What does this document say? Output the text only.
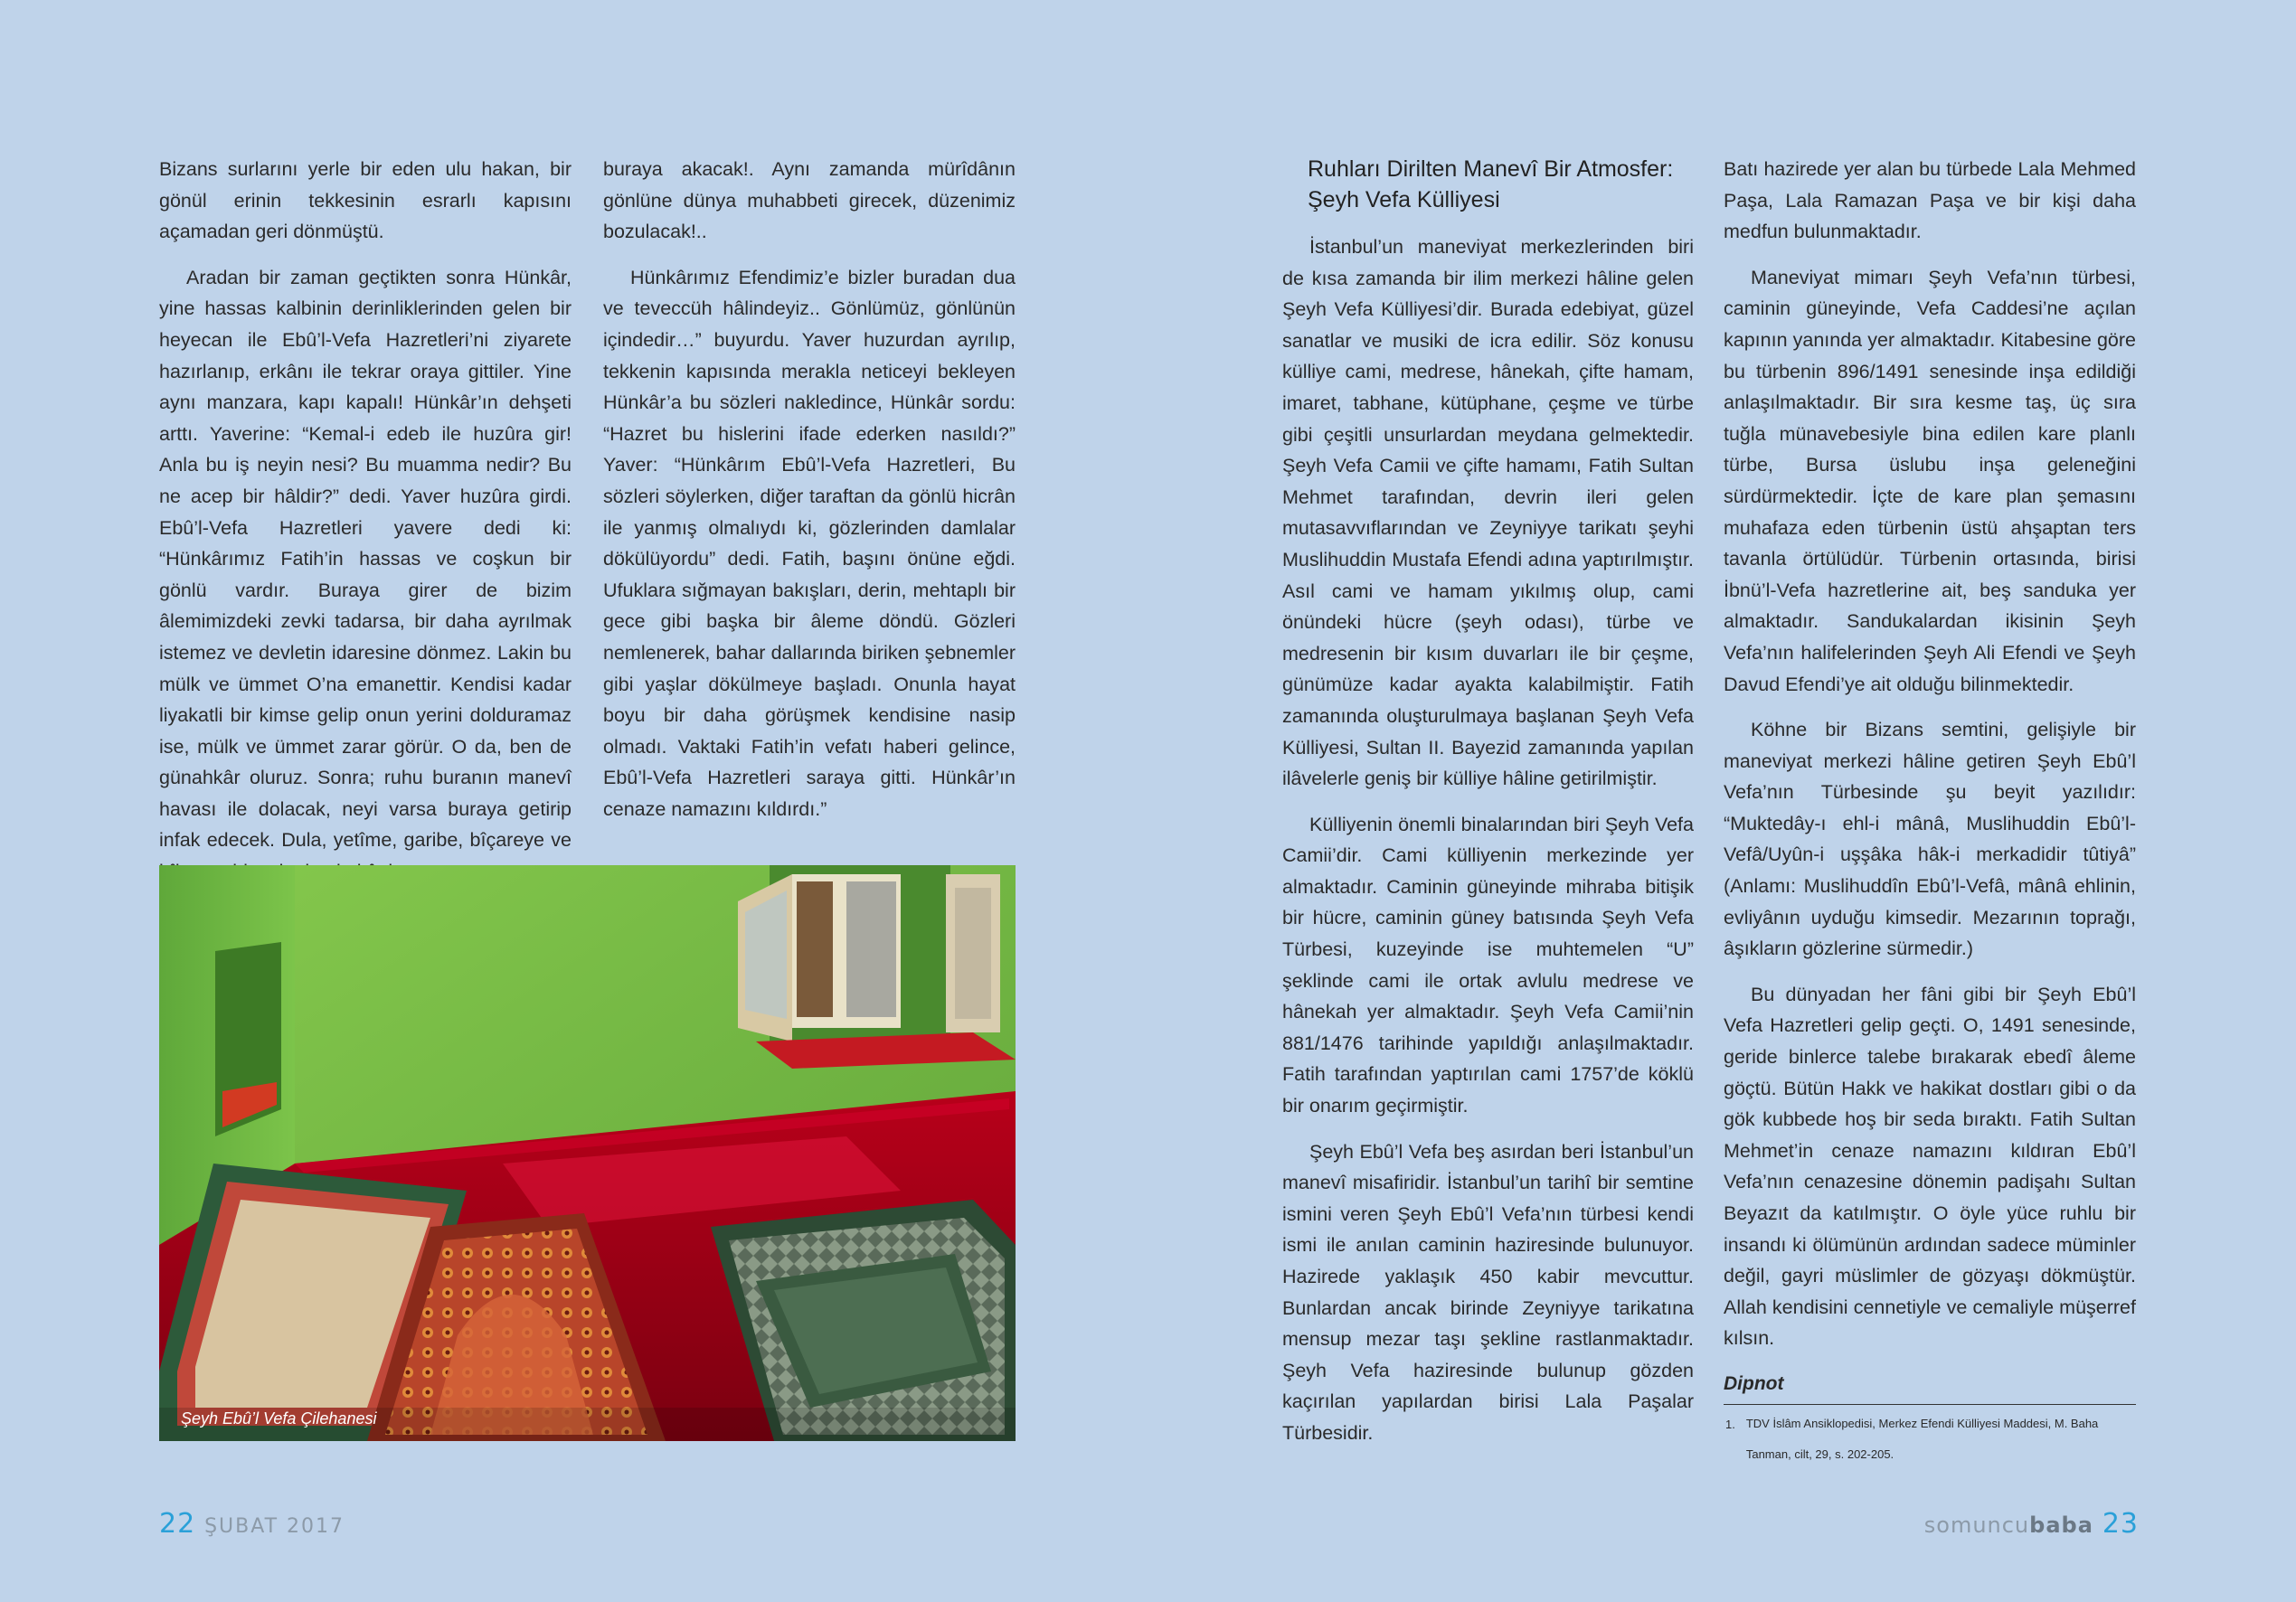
Bizans surlarını yerle bir eden ulu hakan, bir gönül erinin tekkesinin esrarlı kapısını açamadan geri dönmüştü.

Aradan bir zaman geçtikten sonra Hünkâr, yine hassas kalbinin derinliklerinden gelen bir heyecan ile Ebû’l-Vefa Hazretleri’ni ziyarete hazırlanıp, erkânı ile tekrar oraya gittiler. Yine aynı manzara, kapı kapalı! Hünkâr’ın dehşeti arttı. Yaverine: “Kemal-i edeb ile huzûra gir! Anla bu iş neyin nesi? Bu muamma nedir? Bu ne acep bir hâldir?” dedi. Yaver huzûra girdi. Ebû’l-Vefa Hazretleri yavere dedi ki: “Hünkârımız Fatih’in hassas ve coşkun bir gönlü vardır. Buraya girer de bizim âlemimizdeki zevki tadarsa, bir daha ayrılmak istemez ve devletin idaresine dönmez. Lakin bu mülk ve ümmet O’na emanettir. Kendisi kadar liyakatli bir kimse gelip onun yerini dolduramaz ise, mülk ve ümmet zarar görür. O da, ben de günahkâr oluruz. Sonra; ruhu buranın manevî havası ile dolacak, neyi varsa buraya getirip infak edecek. Dula, yetîme, garibe, bîçareye ve

buraya akacak!. Aynı zamanda mürîdânın gönlüne dünya muhabbeti girecek, düzenimiz bozulacak!..

Hünkârımız Efendimiz’e bizler buradan dua ve teveccüh hâlindeyiz.. Gönlümüz, gönlünün içindedir…” buyurdu. Yaver huzurdan ayrılıp, tekkenin kapısında merakla neticeyi bekleyen Hünkâr’a bu sözleri nakledince, Hünkâr sordu: “Hazret bu hislerini ifade ederken nasıldı?” Yaver: “Hünkârım Ebû’l-Vefa Hazretleri, Bu sözleri söylerken, diğer taraftan da gönlü hicrân ile yanmış olmalıydı ki, gözlerinden damlalar dökülüyordu” dedi. Fatih, başını önüne eğdi. Ufuklara sığmayan bakışları, derin, mehtaplı bir gece gibi başka bir âleme döndü. Gözleri nemlenerek, bahar dallarında biriken şebnemler gibi yaşlar dökülmeye başladı. Onunla hayat boyu bir daha görüşmek kendisine nasip olmadı. Vaktaki Fatih’in vefatı haberi gelince, Ebû’l-Vefa Hazretleri saraya gitti. Hünkâr’ın cenaze namazını kıldırdı.”

Şeyh Ebû’l Vefa Çilehanesi
22 ŞUBAT 2017
Ruhları Dirilten Manevî Bir Atmosfer:
Şeyh Vefa Külliyesi

İstanbul’un maneviyat merkezlerinden biri de kısa zamanda bir ilim merkezi hâline gelen Şeyh Vefa Külliyesi’dir. Burada edebiyat, güzel sanatlar ve musiki de icra edilir. Söz konusu külliye cami, medrese, hânekah, çifte hamam, imaret, tabhane, kütüphane, çeşme ve türbe gibi çeşitli unsurlardan meydana gelmektedir. Şeyh Vefa Camii ve çifte hamamı, Fatih Sultan Mehmet tarafından, devrin ileri gelen mutasavvıflarından ve Zeyniyye tarikatı şeyhi Muslihuddin Mustafa Efendi adına yaptırılmıştır. Asıl cami ve hamam yıkılmış olup, cami önündeki hücre (şeyh odası), türbe ve medresenin bir kısım duvarları ile bir çeşme, günümüze kadar ayakta kalabilmiştir. Fatih zamanında oluşturulmaya başlanan Şeyh Vefa Külliyesi, Sultan II. Bayezid zamanında yapılan ilâvelerle geniş bir külliye hâline getirilmiştir.

Külliyenin önemli binalarından biri Şeyh Vefa Camii’dir. Cami külliyenin merkezinde yer almaktadır. Caminin güneyinde mihraba bitişik bir hücre, caminin güney batısında Şeyh Vefa Türbesi, kuzeyinde ise muhtemelen “U” şeklinde cami ile ortak avlulu medrese ve hânekah yer almaktadır. Şeyh Vefa Camii’nin 881/1476 tarihinde yapıldığı anlaşılmaktadır. Fatih tarafından yaptırılan cami 1757’de köklü bir onarım geçirmiştir.

Şeyh Ebû’l Vefa beş asırdan beri İstanbul’un manevî misafiridir. İstanbul’un tarihî bir semtine ismini veren Şeyh Ebû’l Vefa’nın türbesi kendi ismi ile anılan caminin haziresinde bulunuyor. Hazirede yaklaşık 450 kabir mevcuttur. Bunlardan ancak birinde Zeyniyye tarikatına mensup mezar taşı şekline rastlanmaktadır. Şeyh Vefa haziresinde bulunup gözden kaçırılan yapılardan birisi Lala Paşalar Türbesidir.

Batı hazirede yer alan bu türbede Lala Mehmed Paşa, Lala Ramazan Paşa ve bir kişi daha medfun bulunmaktadır.

Maneviyat mimarı Şeyh Vefa’nın türbesi, caminin güneyinde, Vefa Caddesi’ne açılan kapının yanında yer almaktadır. Kitabesine göre bu türbenin 896/1491 senesinde inşa edildiği anlaşılmaktadır. Bir sıra kesme taş, üç sıra tuğla münavebesiyle bina edilen kare planlı türbe, Bursa üslubu inşa geleneğini sürdürmektedir. İçte de kare plan şemasını muhafaza eden türbenin üstü ahşaptan ters tavanla örtülüdür. Türbenin ortasında, birisi İbnü’l-Vefa hazretlerine ait, beş sanduka yer almaktadır. Sandukalardan ikisinin Şeyh Vefa’nın halifelerinden Şeyh Ali Efendi ve Şeyh Davud Efendi’ye ait olduğu bilinmektedir.

Köhne bir Bizans semtini, gelişiyle bir maneviyat merkezi hâline getiren Şeyh Ebû’l Vefa’nın Türbesinde şu beyit yazılıdır: “Muktedây-ı ehl-i mânâ, Muslihuddin Ebû’l-Vefâ/Uyûn-i uşşâka hâk-i merkadidir tûtiyâ” (Anlamı: Muslihuddîn Ebû’l-Vefâ, mânâ ehlinin, evliyânın uyduğu kimsedir. Mezarının toprağı, âşıkların gözlerine sürmedir.)

Bu dünyadan her fâni gibi bir Şeyh Ebû’l Vefa Hazretleri gelip geçti. O, 1491 senesinde, geride binlerce talebe bırakarak ebedî âleme göçtü. Bütün Hakk ve hakikat dostları gibi o da gök kubbede hoş bir seda bıraktı. Fatih Sultan Mehmet’in cenaze namazını kıldıran Ebû’l Vefa’nın cenazesine dönemin padişahı Sultan Beyazıt da katılmıştır. O öyle yüce ruhlu bir insandı ki ölümünün ardından sadece müminler değil, gayri müslimler de gözyaşı dökmüştür. Allah kendisini cennetiyle ve cemaliyle müşerref kılsın.

Dipnot
1. TDV İslâm Ansiklopedisi, Merkez Efendi Külliyesi Maddesi, M. Baha Tanman, cilt, 29, s. 202-205.
somuncubaba 23
